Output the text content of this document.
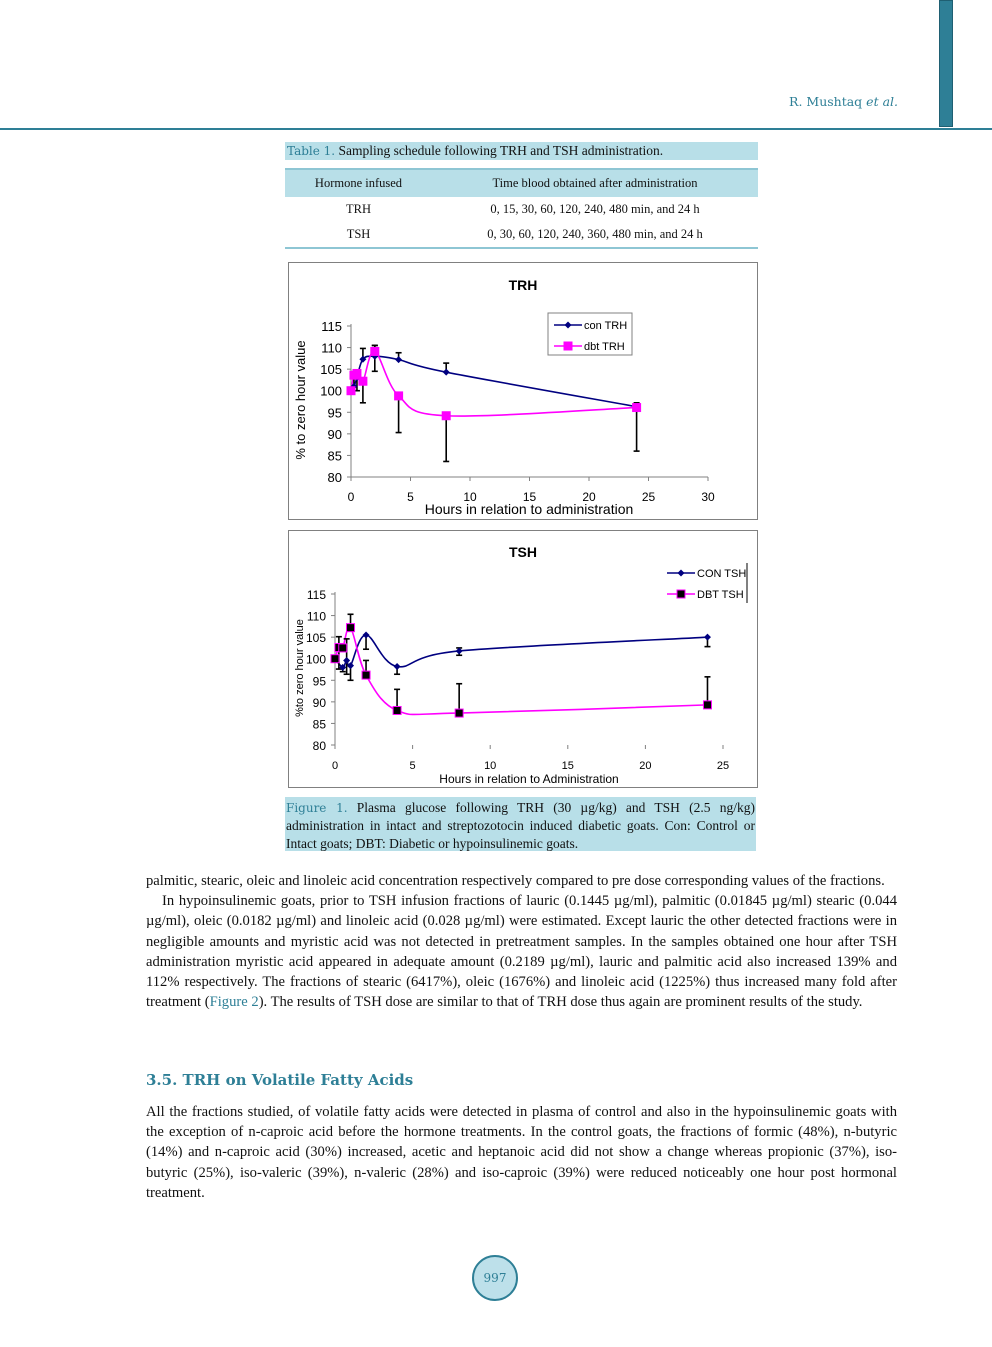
R. Mushtaq et al.
Table 1. Sampling schedule following TRH and TSH administration.
Hormone infused	Time blood obtained after administration
TRH	0, 15, 30, 60, 120, 240, 480 min, and 24 h
TSH	0, 30, 60, 120, 240, 360, 480 min, and 24 h
TRH
80
85
90
95
100
105
110
115
0	5	10	15	20	25	30
Hours in relation to administration
% to zero hour value
con TRH
dbt TRH
TSH
80
85
90
95
100
105
110
115
0	5	10	15	20	25
Hours in relation to Administration
%to zero hour value
CON TSH
DBT TSH
Figure 1. Plasma glucose following TRH (30 µg/kg) and TSH (2.5 ng/kg) administration in intact and streptozotocin induced diabetic goats. Con: Control or Intact goats; DBT: Diabetic or hypoinsulinemic goats.

palmitic, stearic, oleic and linoleic acid concentration respectively compared to pre dose corresponding values of the fractions.

In hypoinsulinemic goats, prior to TSH infusion fractions of lauric (0.1445 µg/ml), palmitic (0.01845 µg/ml) stearic (0.044 µg/ml), oleic (0.0182 µg/ml) and linoleic acid (0.028 µg/ml) were estimated. Except lauric the other detected fractions were in negligible amounts and myristic acid was not detected in pretreatment samples. In the samples obtained one hour after TSH administration myristic acid appeared in adequate amount (0.2189 µg/ml), lauric and palmitic acid also increased 139% and 112% respectively. The fractions of stearic (6417%), oleic (1676%) and linoleic acid (1225%) thus increased many fold after treatment (Figure 2). The results of TSH dose are similar to that of TRH dose thus again are prominent results of the study.

3.5. TRH on Volatile Fatty Acids

All the fractions studied, of volatile fatty acids were detected in plasma of control and also in the hypoinsulinemic goats with the exception of n-caproic acid before the hormone treatments. In the control goats, the fractions of formic (48%), n-butyric (14%) and n-caproic acid (30%) increased, acetic and heptanoic acid did not show a change whereas propionic (37%), iso-butyric (25%), iso-valeric (39%), n-valeric (28%) and iso-caproic (39%) were reduced noticeably one hour post hormonal treatment.

997
